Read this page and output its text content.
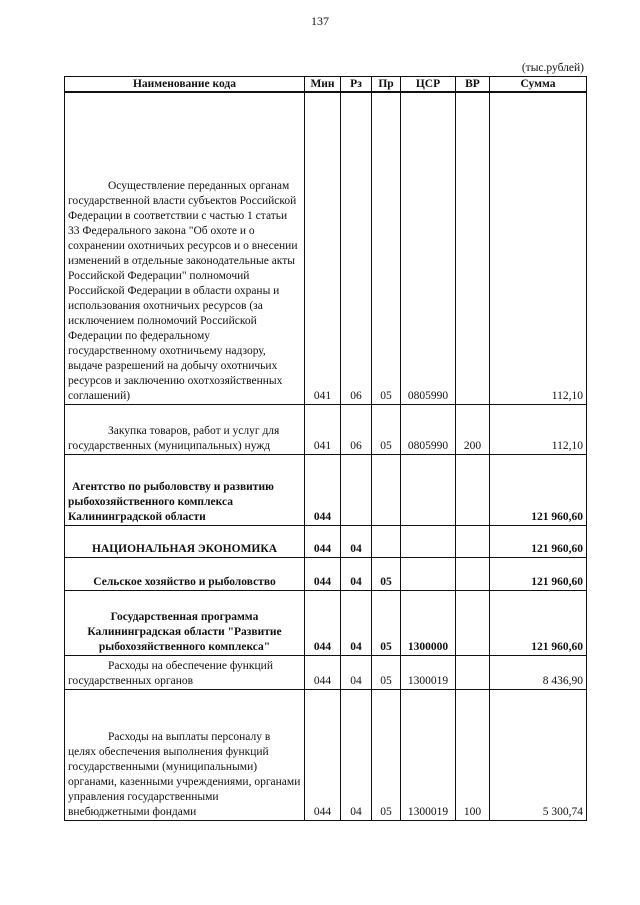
137
(тыс.рублей)
Наименование кода	Мин	Рз	Пр	ЦСР	ВР	Сумма
Осуществление переданных органам государственной власти субъектов Российской Федерации в соответствии с частью 1 статьи 33 Федерального закона "Об охоте и о сохранении охотничьих ресурсов и о внесении изменений в отдельные законодательные акты Российской Федерации" полномочий Российской Федерации в области охраны и использования охотничьих ресурсов (за исключением полномочий Российской Федерации по федеральному государственному охотничьему надзору, выдаче разрешений на добычу охотничьих ресурсов и заключению охотхозяйственных соглашений)	041	06	05	0805990		112,10
Закупка товаров, работ и услуг для государственных (муниципальных) нужд	041	06	05	0805990	200	112,10
Агентство по рыболовству и развитию рыбохозяйственного комплекса Калининградской области	044					121 960,60
НАЦИОНАЛЬНАЯ ЭКОНОМИКА	044	04				121 960,60
Сельское хозяйство и рыболовство	044	04	05			121 960,60
Государственная программа Калининградская области "Развитие рыбохозяйственного комплекса"	044	04	05	1300000		121 960,60
Расходы на обеспечение функций государственных органов	044	04	05	1300019		8 436,90
Расходы на выплаты персоналу в целях обеспечения выполнения функций государственными (муниципальными) органами, казенными учреждениями, органами управления государственными внебюджетными фондами	044	04	05	1300019	100	5 300,74
